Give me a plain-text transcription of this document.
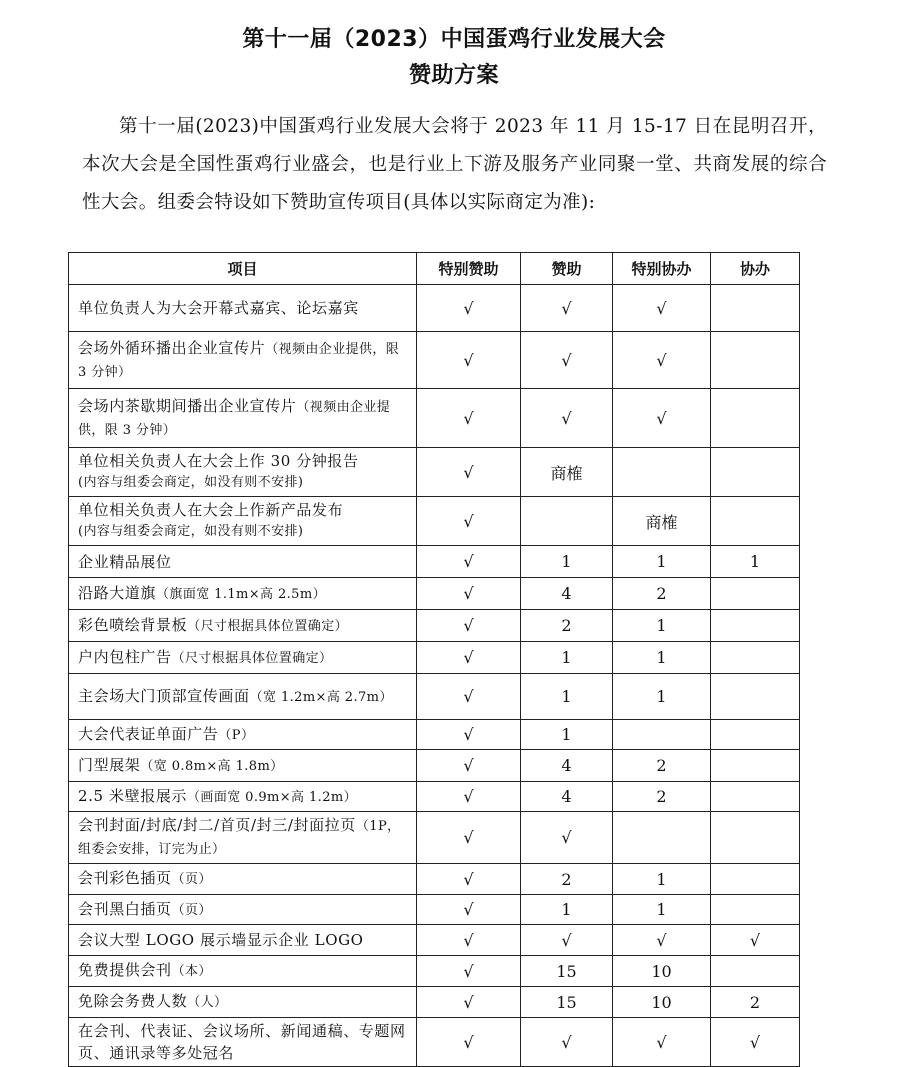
第十一届（2023）中国蛋鸡行业发展大会
赞助方案

第十一届(2023)中国蛋鸡行业发展大会将于 2023 年 11 月 15-17 日在昆明召开，本次大会是全国性蛋鸡行业盛会，也是行业上下游及服务产业同聚一堂、共商发展的综合性大会。组委会特设如下赞助宣传项目(具体以实际商定为准):

项目	特别赞助	赞助	特别协办	协办
单位负责人为大会开幕式嘉宾、论坛嘉宾	√	√	√	
会场外循环播出企业宣传片（视频由企业提供，限 3 分钟）	√	√	√	
会场内茶歇期间播出企业宣传片（视频由企业提供，限 3 分钟）	√	√	√	
单位相关负责人在大会上作 30 分钟报告
(内容与组委会商定，如没有则不安排)	√	商榷		
单位相关负责人在大会上作新产品发布
(内容与组委会商定，如没有则不安排)	√		商榷	
企业精品展位	√	1	1	1
沿路大道旗（旗面宽 1.1m×高 2.5m）	√	4	2	
彩色喷绘背景板（尺寸根据具体位置确定）	√	2	1	
户内包柱广告（尺寸根据具体位置确定）	√	1	1	
主会场大门顶部宣传画面（宽 1.2m×高 2.7m）	√	1	1	
大会代表证单面广告（P）	√	1		
门型展架（宽 0.8m×高 1.8m）	√	4	2	
2.5 米壁报展示（画面宽 0.9m×高 1.2m）	√	4	2	
会刊封面/封底/封二/首页/封三/封面拉页（1P，组委会安排，订完为止）	√	√		
会刊彩色插页（页）	√	2	1	
会刊黑白插页（页）	√	1	1	
会议大型 LOGO 展示墙显示企业 LOGO	√	√	√	√
免费提供会刊（本）	√	15	10	
免除会务费人数（人）	√	15	10	2
在会刊、代表证、会议场所、新闻通稿、专题网页、通讯录等多处冠名	√	√	√	√
